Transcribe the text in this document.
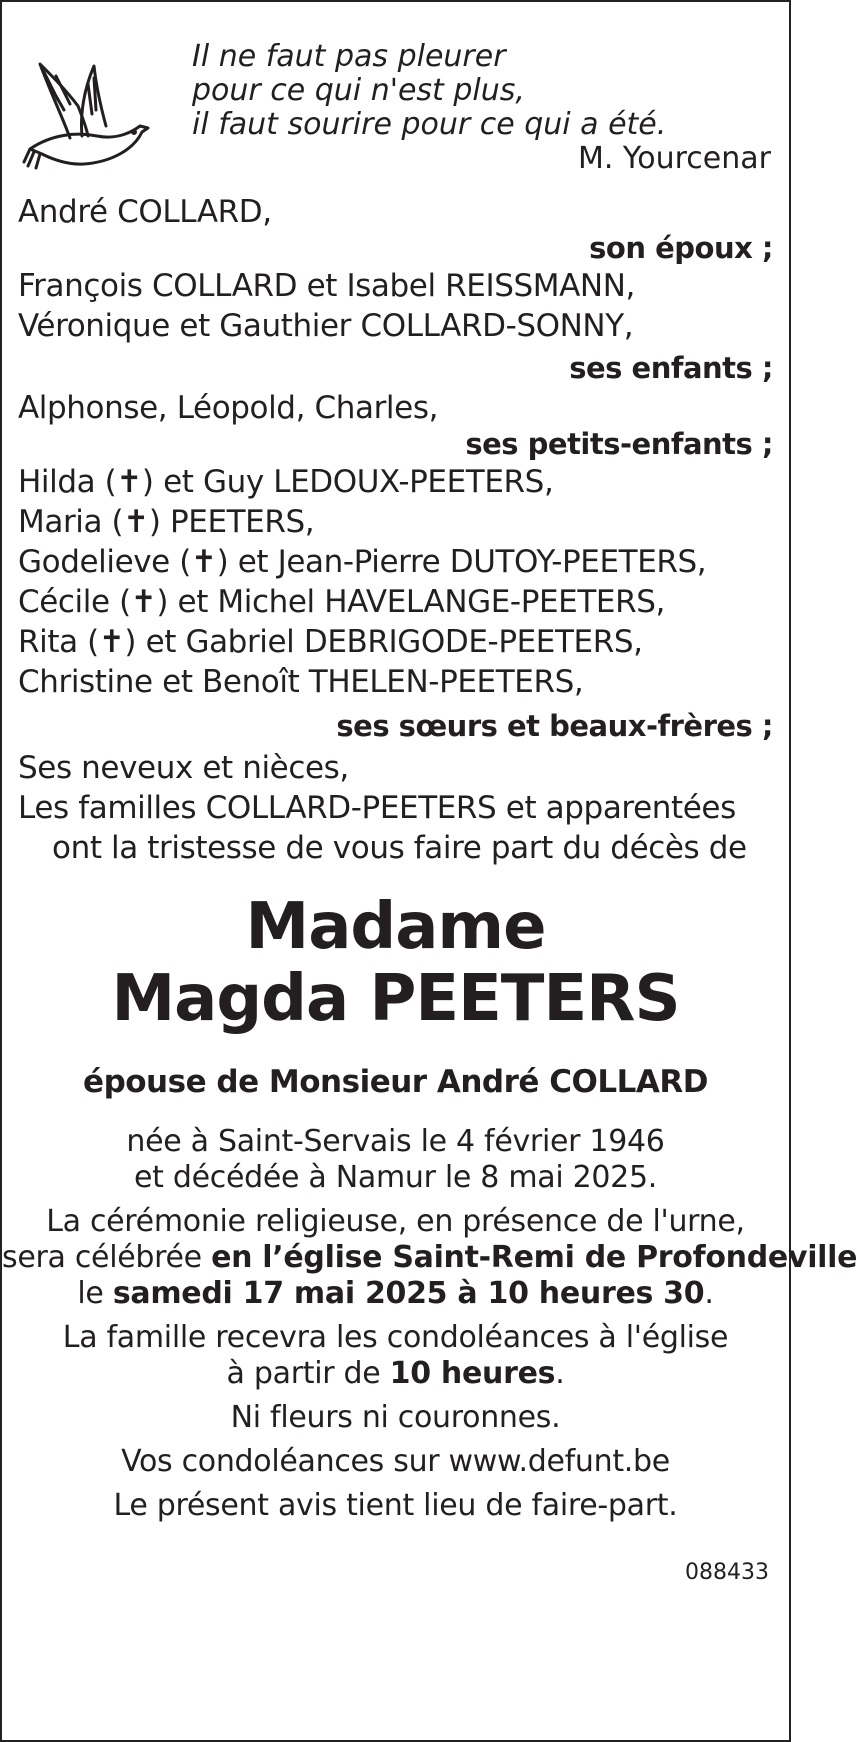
Il ne faut pas pleurer
pour ce qui n'est plus,
il faut sourire pour ce qui a été.
M. Yourcenar
André COLLARD,
son époux ;
François COLLARD et Isabel REISSMANN,
Véronique et Gauthier COLLARD-SONNY,
ses enfants ;
Alphonse, Léopold, Charles,
ses petits-enfants ;
Hilda (✝) et Guy LEDOUX-PEETERS,
Maria (✝) PEETERS,
Godelieve (✝) et Jean-Pierre DUTOY-PEETERS,
Cécile (✝) et Michel HAVELANGE-PEETERS,
Rita (✝) et Gabriel DEBRIGODE-PEETERS,
Christine et Benoît THELEN-PEETERS,
ses sœurs et beaux-frères ;
Ses neveux et nièces,
Les familles COLLARD-PEETERS et apparentées
ont la tristesse de vous faire part du décès de
Madame
Magda PEETERS
épouse de Monsieur André COLLARD
née à Saint-Servais le 4 février 1946
et décédée à Namur le 8 mai 2025.
La cérémonie religieuse, en présence de l'urne,
sera célébrée en l’église Saint-Remi de Profondeville
le samedi 17 mai 2025 à 10 heures 30.
La famille recevra les condoléances à l'église
à partir de 10 heures.
Ni fleurs ni couronnes.
Vos condoléances sur www.defunt.be
Le présent avis tient lieu de faire-part.
088433
